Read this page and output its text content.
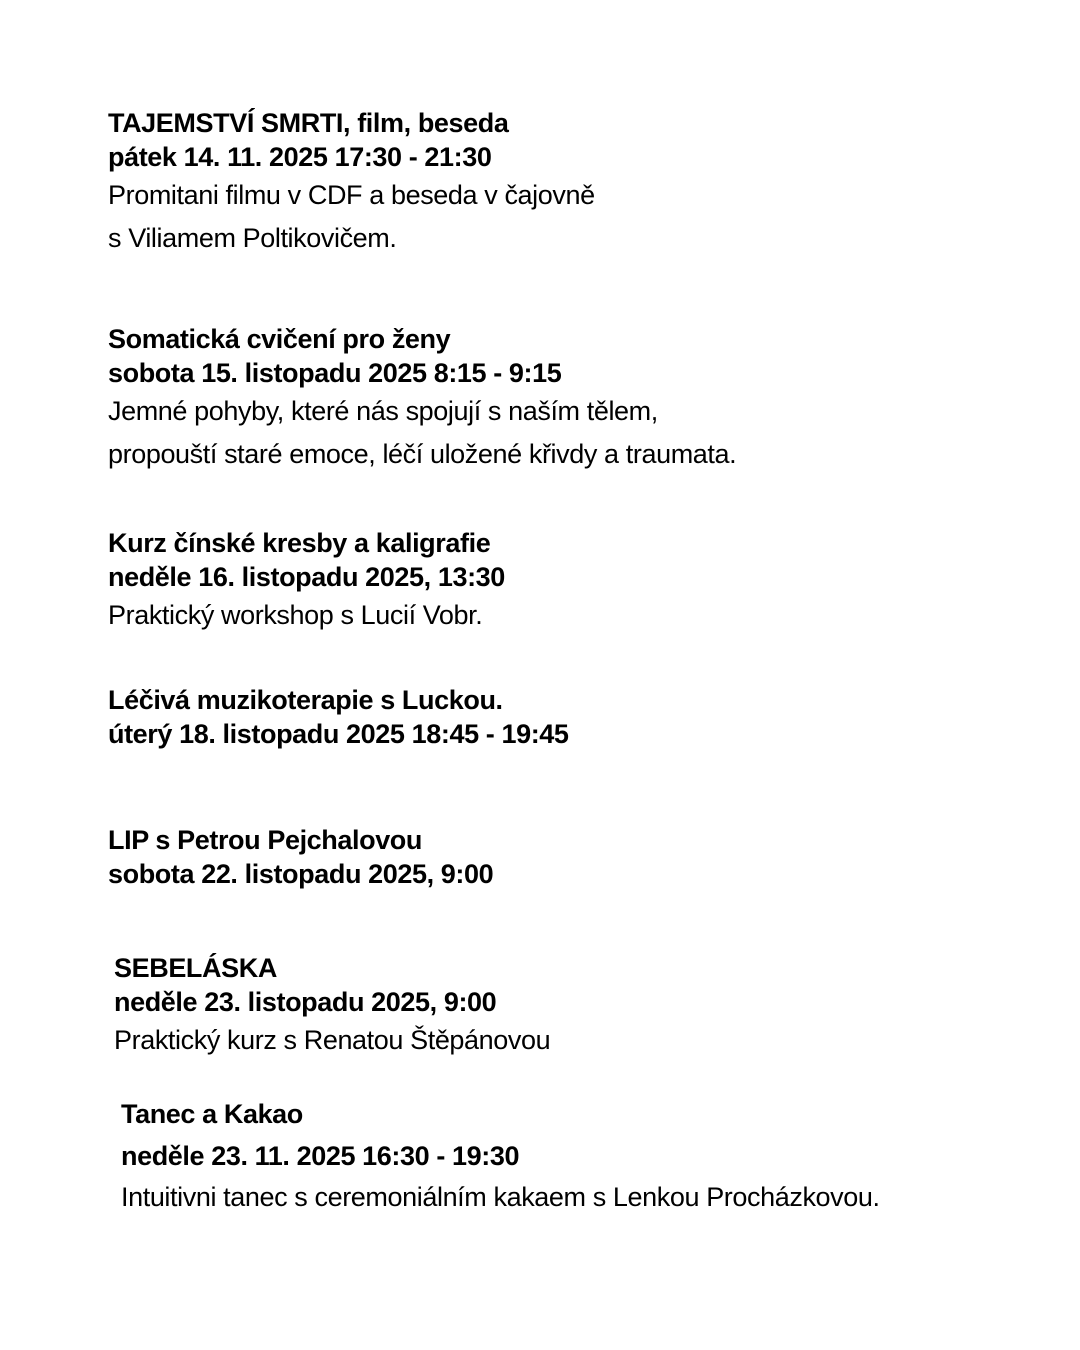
TAJEMSTVÍ SMRTI, film, beseda
pátek 14. 11. 2025 17:30 - 21:30
Promitani filmu v CDF a beseda v čajovně
s Viliamem Poltikovičem.
Somatická cvičení pro ženy
sobota 15. listopadu 2025 8:15 - 9:15
Jemné pohyby, které nás spojují s naším tělem,
propouští staré emoce, léčí uložené křivdy a traumata.
Kurz čínské kresby a kaligrafie
neděle 16. listopadu 2025, 13:30
Praktický workshop s Lucií Vobr.
Léčivá muzikoterapie s Luckou.
úterý 18. listopadu 2025 18:45 - 19:45
LIP s Petrou Pejchalovou
sobota 22. listopadu 2025, 9:00
SEBELÁSKA
neděle 23. listopadu 2025, 9:00
Praktický kurz s Renatou Štěpánovou
Tanec a Kakao
neděle 23. 11. 2025 16:30 - 19:30
Intuitivni tanec s ceremoniálním kakaem s Lenkou Procházkovou.
